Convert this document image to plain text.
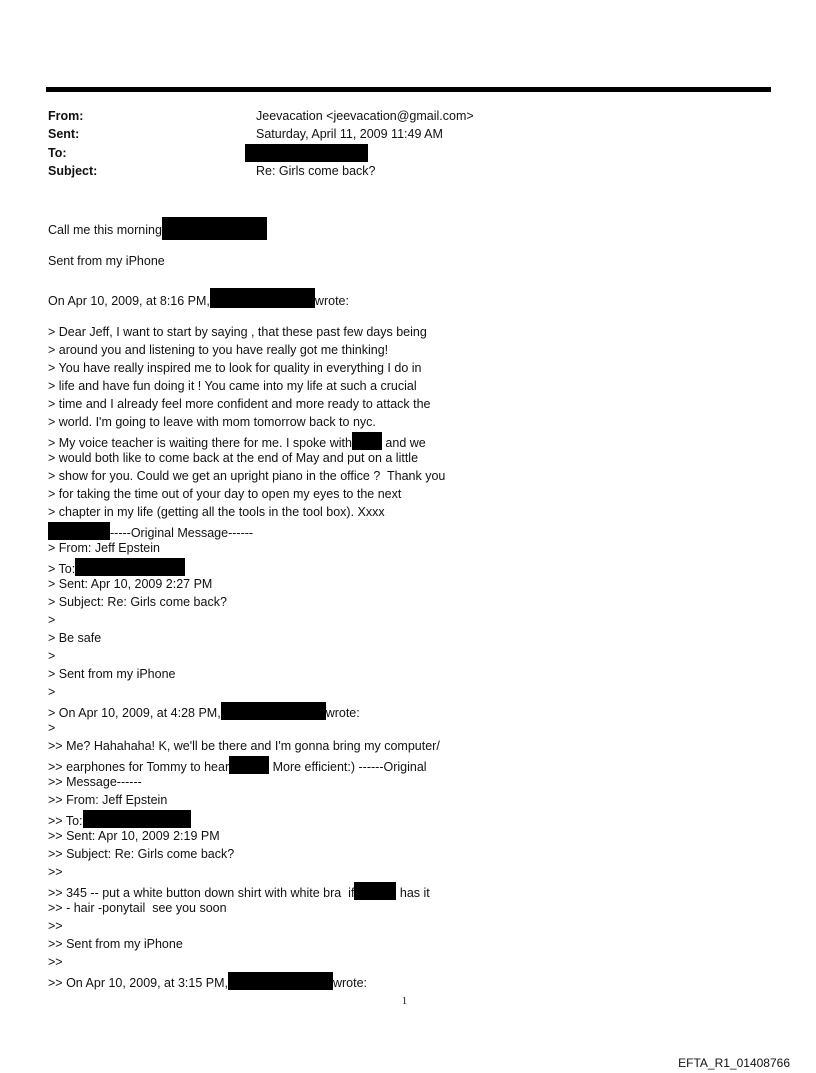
From:	Jeevacation <jeevacation@gmail.com>
Sent:	Saturday, April 11, 2009 11:49 AM
To:
Subject:	Re: Girls come back?
Call me this morning
Sent from my iPhone
On Apr 10, 2009, at 8:16 PM,	wrote:
> Dear Jeff, I want to start by saying , that these past few days being
> around you and listening to you have really got me thinking!
> You have really inspired me to look for quality in everything I do in
> life and have fun doing it ! You came into my life at such a crucial
> time and I already feel more confident and more ready to attack the
> world. I'm going to leave with mom tomorrow back to nyc.
> My voice teacher is waiting there for me. I spoke with and we
> would both like to come back at the end of May and put on a little
> show for you. Could we get an upright piano in the office ?  Thank you
> for taking the time out of your day to open my eyes to the next
> chapter in my life (getting all the tools in the tool box). Xxxx
-----Original Message------
> From: Jeff Epstein
> To:
> Sent: Apr 10, 2009 2:27 PM
> Subject: Re: Girls come back?
>
> Be safe
>
> Sent from my iPhone
>
> On Apr 10, 2009, at 4:28 PM,	wrote:
>
>> Me? Hahahaha! K, we'll be there and I'm gonna bring my computer/
>> earphones for Tommy to hear	More efficient:) ------Original
>> Message------
>> From: Jeff Epstein
>> To:
>> Sent: Apr 10, 2009 2:19 PM
>> Subject: Re: Girls come back?
>>
>> 345 -- put a white button down shirt with white bra  if	has it
>> - hair -ponytail  see you soon
>>
>> Sent from my iPhone
>>
>> On Apr 10, 2009, at 3:15 PM,	wrote:
1
EFTA_R1_01408766
